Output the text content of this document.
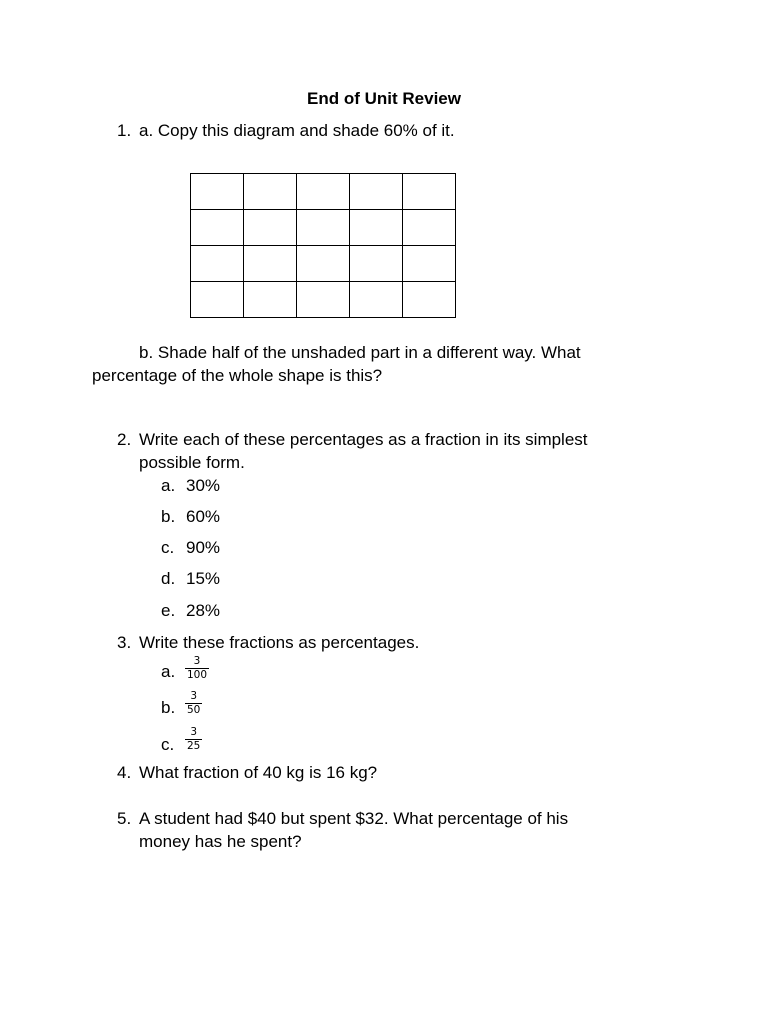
End of Unit Review
1. a. Copy this diagram and shade 60% of it.

b. Shade half of the unshaded part in a different way. What
percentage of the whole shape is this?
2. Write each of these percentages as a fraction in its simplest
possible form.
a. 30%
b. 60%
c. 90%
d. 15%
e. 28%
3. Write these fractions as percentages.
a.
3
100
b.
3
50
c.
3
25
4. What fraction of 40 kg is 16 kg?
5. A student had $40 but spent $32. What percentage of his
money has he spent?
